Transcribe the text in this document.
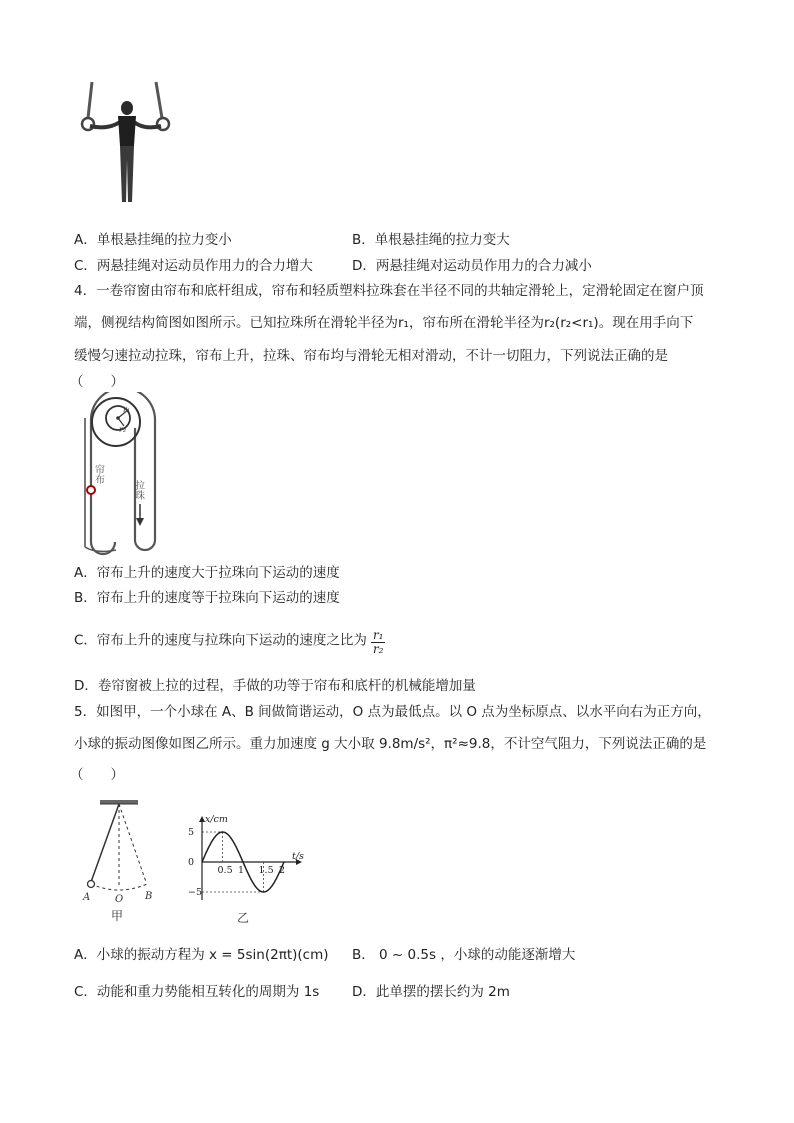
A．单根悬挂绳的拉力变小	B．单根悬挂绳的拉力变大
C．两悬挂绳对运动员作用力的合力增大	D．两悬挂绳对运动员作用力的合力减小
4．一卷帘窗由帘布和底杆组成，帘布和轻质塑料拉珠套在半径不同的共轴定滑轮上，定滑轮固定在窗户顶
端，侧视结构简图如图所示。已知拉珠所在滑轮半径为r₁，帘布所在滑轮半径为r₂(r₂<r₁)。现在用手向下
缓慢匀速拉动拉珠，帘布上升，拉珠、帘布均与滑轮无相对滑动，不计一切阻力，下列说法正确的是
（　　）
r₁
r₂
帘布
拉珠
A．帘布上升的速度大于拉珠向下运动的速度
B．帘布上升的速度等于拉珠向下运动的速度
C．帘布上升的速度与拉珠向下运动的速度之比为 $\frac{\text{r₁}}{\text{r₂}}$
D．卷帘窗被上拉的过程，手做的功等于帘布和底杆的机械能增加量
5．如图甲，一个小球在 A、B 间做简谐运动，O 点为最低点。以 O 点为坐标原点、以水平向右为正方向，
小球的振动图像如图乙所示。重力加速度 g 大小取 9.8m/s²，π²≈9.8，不计空气阻力，下列说法正确的是
（　　）
A O B
甲
x/cm
t/s
5
0
−5
0.5 1 1.5 2
乙
A．小球的振动方程为 x = 5sin(2πt)(cm) B． 0 ~ 0.5s ，小球的动能逐渐增大
C．动能和重力势能相互转化的周期为 1s D．此单摆的摆长约为 2m
